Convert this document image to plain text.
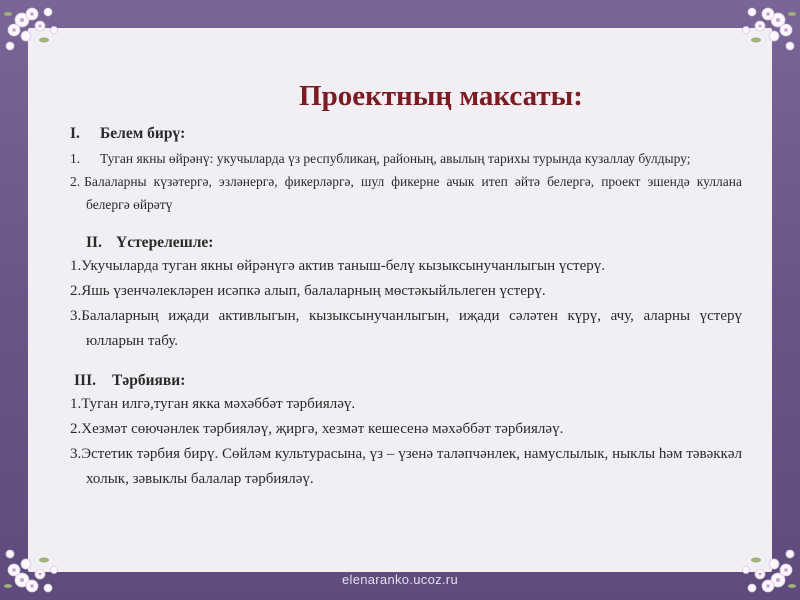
Проектның максаты:
I.	Белем бирү:
1. Туган якны өйрәнү: укучыларда үз республикаң, районың, авылың тарихы турында кузаллау булдыру;
2. Балаларны күзәтергә, эзләнергә, фикерләргә, шул фикерне ачык итеп әйтә белергә, проект эшендә куллана белергә өйрәтү
II. Үстерелешле:
1.Укучыларда туган якны өйрәнүгә актив таныш-белү кызыксынучанлыгын үстерү.
2.Яшь үзенчәлекләрен исәпкә алып, балаларның мөстәкыйльлеген үстерү.
3.Балаларның иҗади активлыгын, кызыксынучанлыгын, иҗади сәләтен күрү, ачу, аларны үстерү юлларын табу.
III.	Тәрбияви:
1.Туган илгә,туган якка мәхәббәт тәрбияләү.
2.Хезмәт сөючәнлек тәрбияләү, җиргә, хезмәт кешесенә мәхәббәт тәрбияләү.
3.Эстетик тәрбия бирү. Сөйләм культурасына, үз – үзенә таләпчәнлек, намуслылык, ныклы һәм тәвәккәл холык, зәвыклы балалар тәрбияләү.
elenaranko.ucoz.ru
